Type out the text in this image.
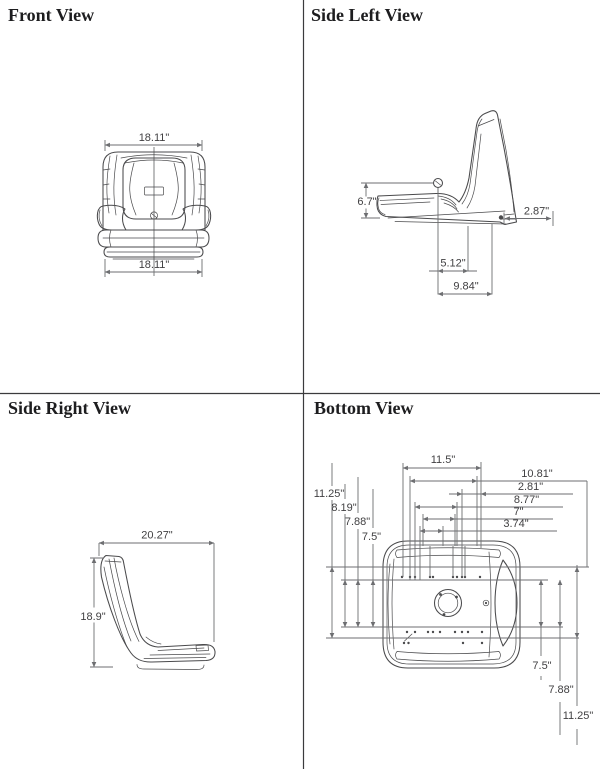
Front View	Side Left View
Side Right View	Bottom View
18.11"
18.11"
6.7"
2.87"
5.12"
9.84"
20.27"
18.9"
11.5"
10.81"
2.81"
8.77"
7"
3.74"
11.25"
8.19"
7.88"
7.5"
7.5"
7.88"
11.25"
